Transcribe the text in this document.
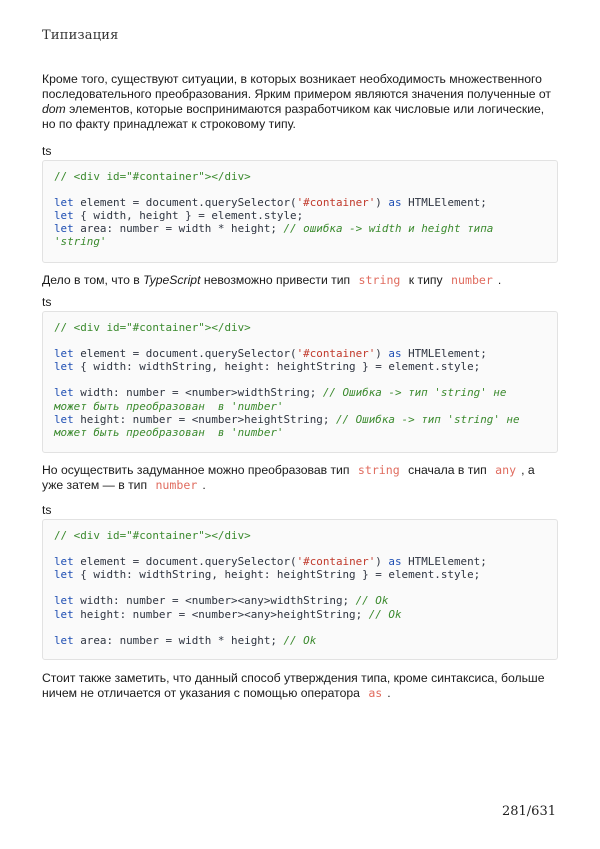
Типизация

Кроме того, существуют ситуации, в которых возникает необходимость множественного последовательного преобразования. Ярким примером являются значения полученные от dom элементов, которые воспринимаются разработчиком как числовые или логические, но по факту принадлежат к строковому типу.

ts
// <div id="#container"></div>
let element = document.querySelector('#container') as HTMLElement;
let { width, height } = element.style;
let area: number = width * height; // ошибка -> width и height типа
'string'

Дело в том, что в TypeScript невозможно привести тип string к типу number .

ts
// <div id="#container"></div>
let element = document.querySelector('#container') as HTMLElement;
let { width: widthString, height: heightString } = element.style;
let width: number = <number>widthString; // Ошибка -> тип 'string' не
может быть преобразован  в 'number'
let height: number = <number>heightString; // Ошибка -> тип 'string' не
может быть преобразован  в 'number'

Но осуществить задуманное можно преобразовав тип string сначала в тип any , а уже затем — в тип number .

ts
// <div id="#container"></div>
let element = document.querySelector('#container') as HTMLElement;
let { width: widthString, height: heightString } = element.style;
let width: number = <number><any>widthString; // Ok
let height: number = <number><any>heightString; // Ok
let area: number = width * height; // Ok

Стоит также заметить, что данный способ утверждения типа, кроме синтаксиса, больше ничем не отличается от указания с помощью оператора as .

281/631
